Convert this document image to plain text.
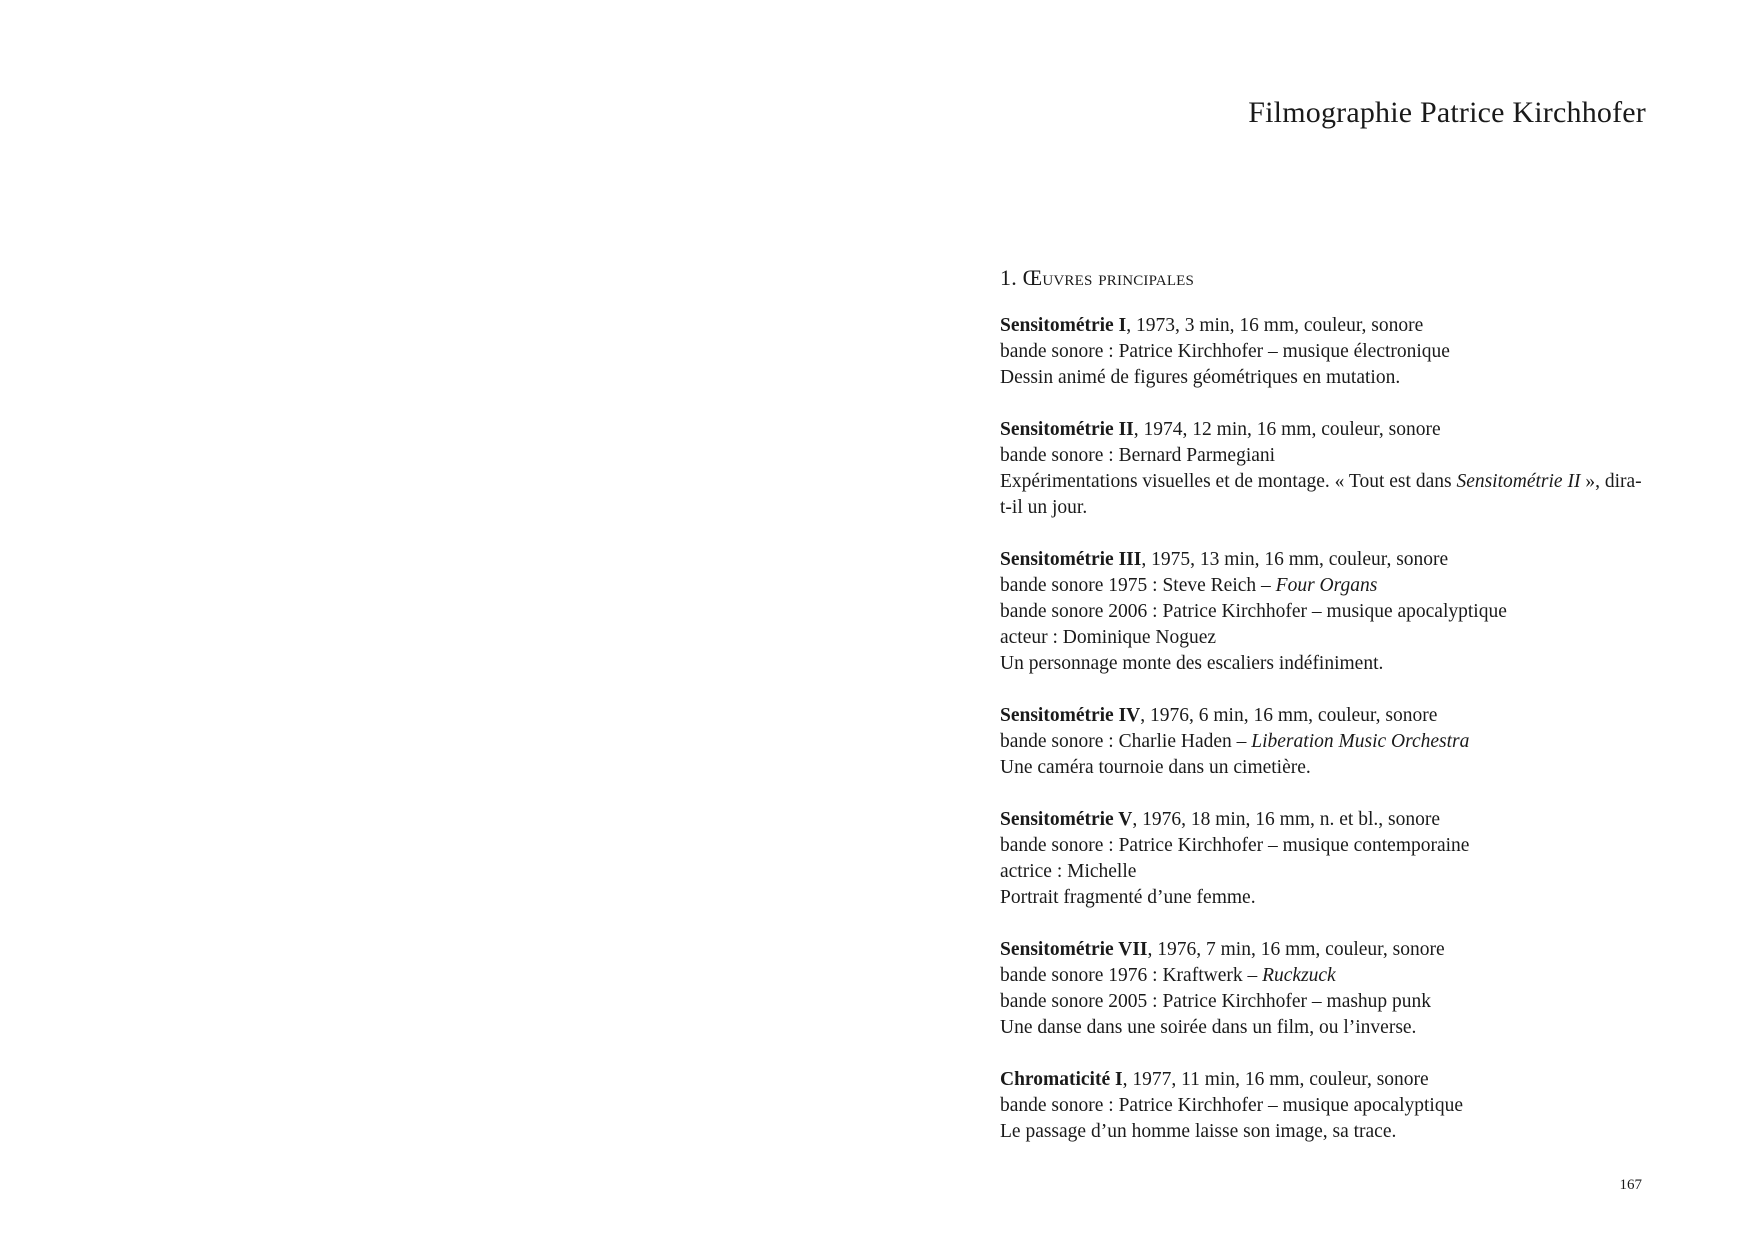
Filmographie Patrice Kirchhofer
1. Œuvres principales
Sensitométrie I, 1973, 3 min, 16 mm, couleur, sonore
bande sonore : Patrice Kirchhofer – musique électronique
Dessin animé de figures géométriques en mutation.
Sensitométrie II, 1974, 12 min, 16 mm, couleur, sonore
bande sonore : Bernard Parmegiani
Expérimentations visuelles et de montage. « Tout est dans Sensitométrie II », dira-t-il un jour.
Sensitométrie III, 1975, 13 min, 16 mm, couleur, sonore
bande sonore 1975 : Steve Reich – Four Organs
bande sonore 2006 : Patrice Kirchhofer – musique apocalyptique
acteur : Dominique Noguez
Un personnage monte des escaliers indéfiniment.
Sensitométrie IV, 1976, 6 min, 16 mm, couleur, sonore
bande sonore : Charlie Haden – Liberation Music Orchestra
Une caméra tournoie dans un cimetière.
Sensitométrie V, 1976, 18 min, 16 mm, n. et bl., sonore
bande sonore : Patrice Kirchhofer – musique contemporaine
actrice : Michelle
Portrait fragmenté d’une femme.
Sensitométrie VII, 1976, 7 min, 16 mm, couleur, sonore
bande sonore 1976 : Kraftwerk – Ruckzuck
bande sonore 2005 : Patrice Kirchhofer – mashup punk
Une danse dans une soirée dans un film, ou l’inverse.
Chromaticité I, 1977, 11 min, 16 mm, couleur, sonore
bande sonore : Patrice Kirchhofer – musique apocalyptique
Le passage d’un homme laisse son image, sa trace.
167
